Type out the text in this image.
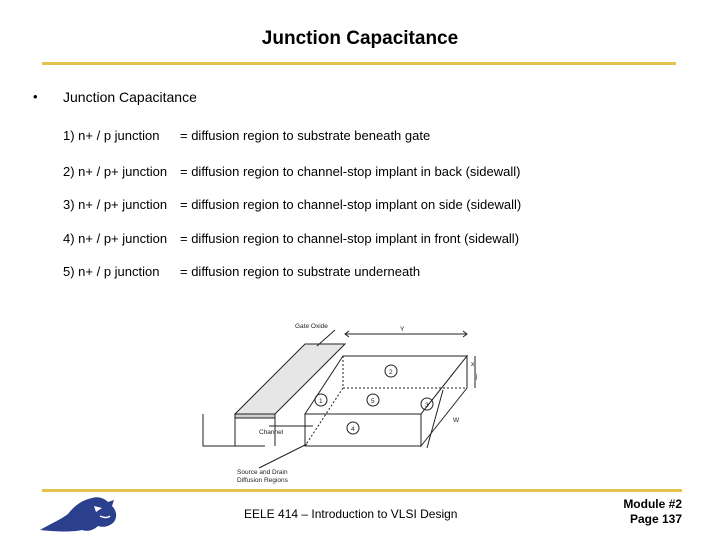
Junction Capacitance
• Junction Capacitance
1) n+ / p junction = diffusion region to substrate beneath gate
2) n+ / p+ junction = diffusion region to channel-stop implant in back (sidewall)
3) n+ / p+ junction = diffusion region to channel-stop implant on side (sidewall)
4) n+ / p+ junction = diffusion region to channel-stop implant in front (sidewall)
5) n+ / p junction = diffusion region to substrate underneath
Gate Oxide	Y
x
j
W
Channel
Source and Drain
Diffusion Regions
2
1	5
3
4
EELE 414 – Introduction to VLSI Design
Module #2
Page 137
